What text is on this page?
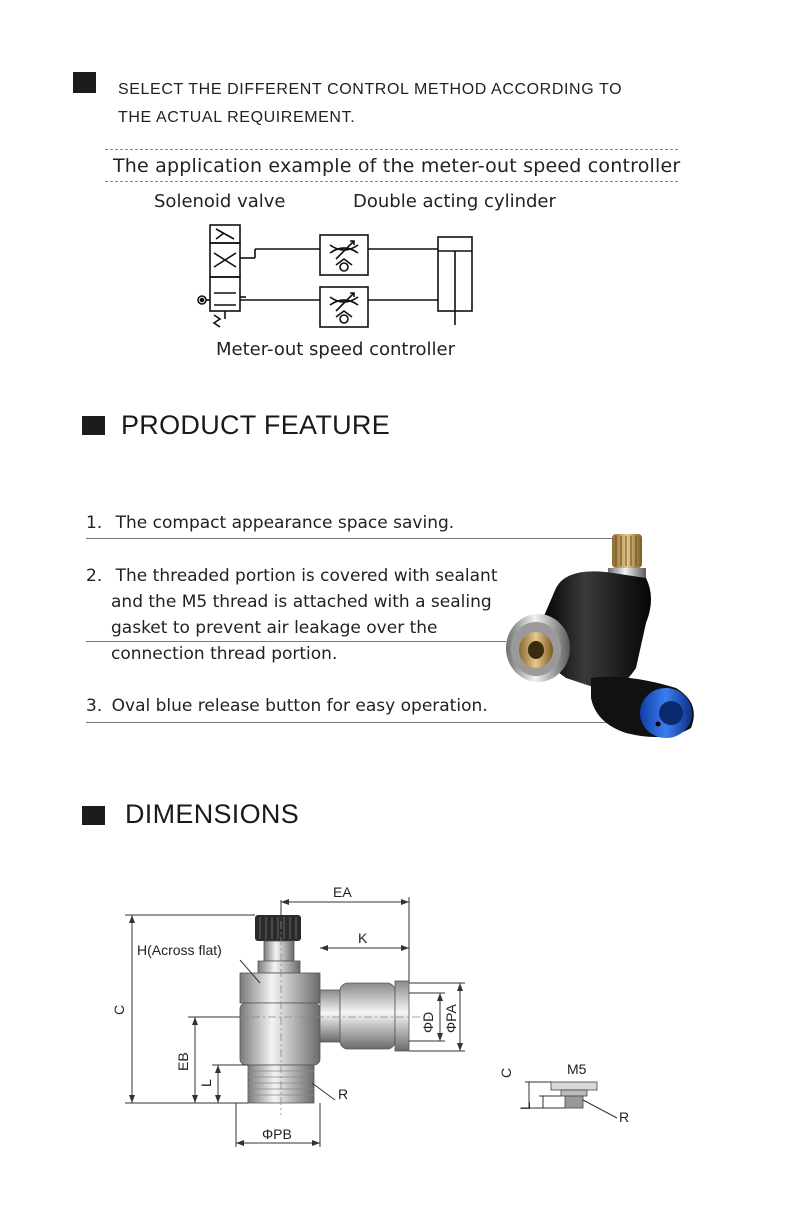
SELECT THE DIFFERENT CONTROL METHOD ACCORDING TO
THE ACTUAL REQUIREMENT.
The application example of the meter-out speed controller
Solenoid valve	Double acting cylinder
Meter-out speed controller
PRODUCT FEATURE
1. The compact appearance space saving.
2. The threaded portion is covered with sealant
and the M5 thread is attached with a sealing
gasket to prevent air leakage over the
connection thread portion.
3. Oval blue release button for easy operation.
DIMENSIONS
EA
K
H(Across flat)
C
EB
L
R
ΦPB
ΦD ΦPA
M5
C
L
R
